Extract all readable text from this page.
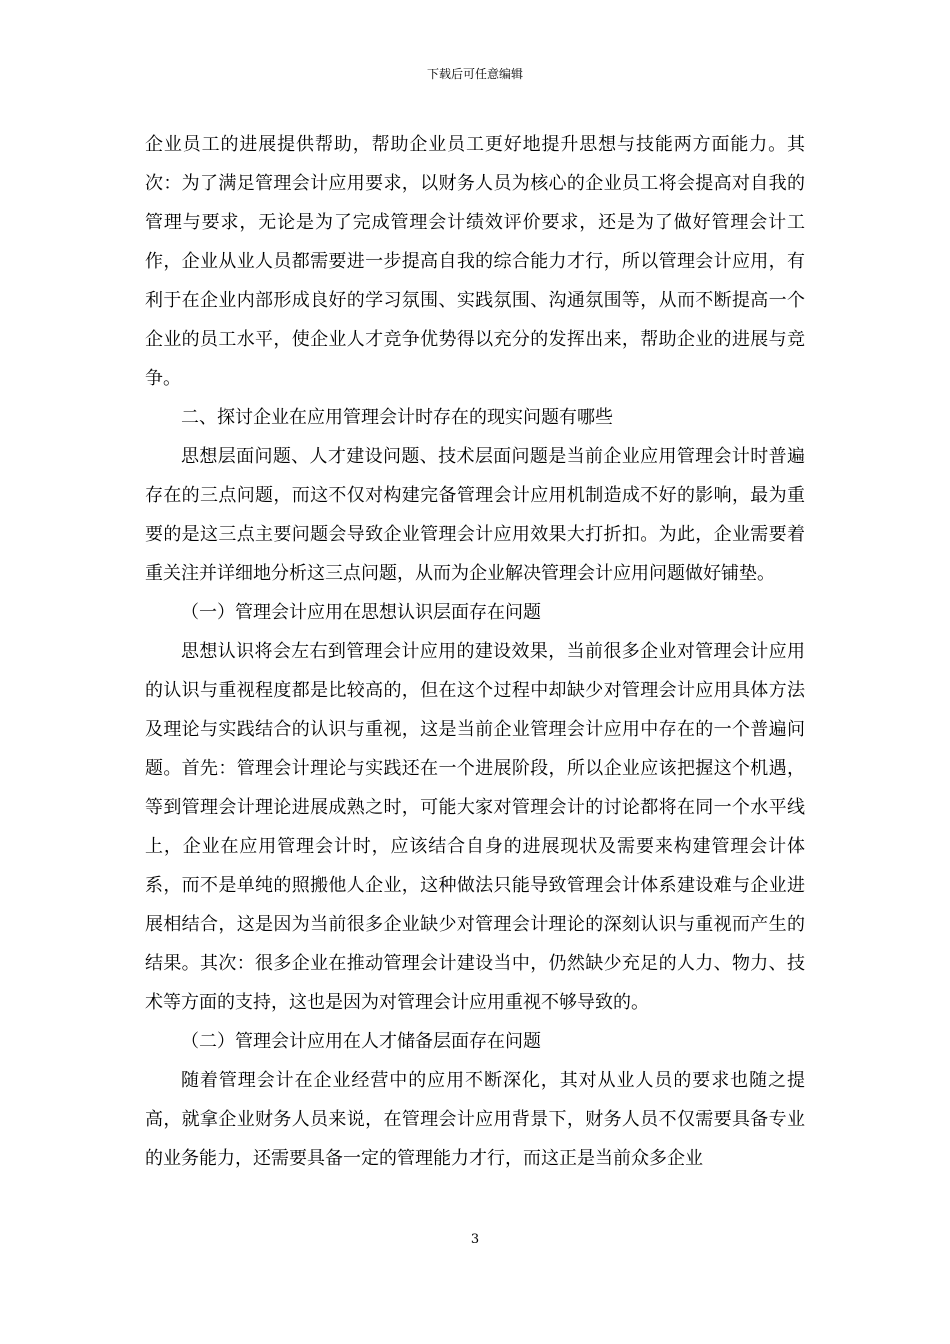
下载后可任意编辑

企业员工的进展提供帮助，帮助企业员工更好地提升思想与技能两方面能力。其次：为了满足管理会计应用要求，以财务人员为核心的企业员工将会提高对自我的管理与要求，无论是为了完成管理会计绩效评价要求，还是为了做好管理会计工作，企业从业人员都需要进一步提高自我的综合能力才行，所以管理会计应用，有利于在企业内部形成良好的学习氛围、实践氛围、沟通氛围等，从而不断提高一个企业的员工水平，使企业人才竞争优势得以充分的发挥出来，帮助企业的进展与竞争。

二、探讨企业在应用管理会计时存在的现实问题有哪些

思想层面问题、人才建设问题、技术层面问题是当前企业应用管理会计时普遍存在的三点问题，而这不仅对构建完备管理会计应用机制造成不好的影响，最为重要的是这三点主要问题会导致企业管理会计应用效果大打折扣。为此，企业需要着重关注并详细地分析这三点问题，从而为企业解决管理会计应用问题做好铺垫。

（一）管理会计应用在思想认识层面存在问题

思想认识将会左右到管理会计应用的建设效果，当前很多企业对管理会计应用的认识与重视程度都是比较高的，但在这个过程中却缺少对管理会计应用具体方法及理论与实践结合的认识与重视，这是当前企业管理会计应用中存在的一个普遍问题。首先：管理会计理论与实践还在一个进展阶段，所以企业应该把握这个机遇，等到管理会计理论进展成熟之时，可能大家对管理会计的讨论都将在同一个水平线上，企业在应用管理会计时，应该结合自身的进展现状及需要来构建管理会计体系，而不是单纯的照搬他人企业，这种做法只能导致管理会计体系建设难与企业进展相结合，这是因为当前很多企业缺少对管理会计理论的深刻认识与重视而产生的结果。其次：很多企业在推动管理会计建设当中，仍然缺少充足的人力、物力、技术等方面的支持，这也是因为对管理会计应用重视不够导致的。

（二）管理会计应用在人才储备层面存在问题

随着管理会计在企业经营中的应用不断深化，其对从业人员的要求也随之提高，就拿企业财务人员来说，在管理会计应用背景下，财务人员不仅需要具备专业的业务能力，还需要具备一定的管理能力才行，而这正是当前众多企业

3
